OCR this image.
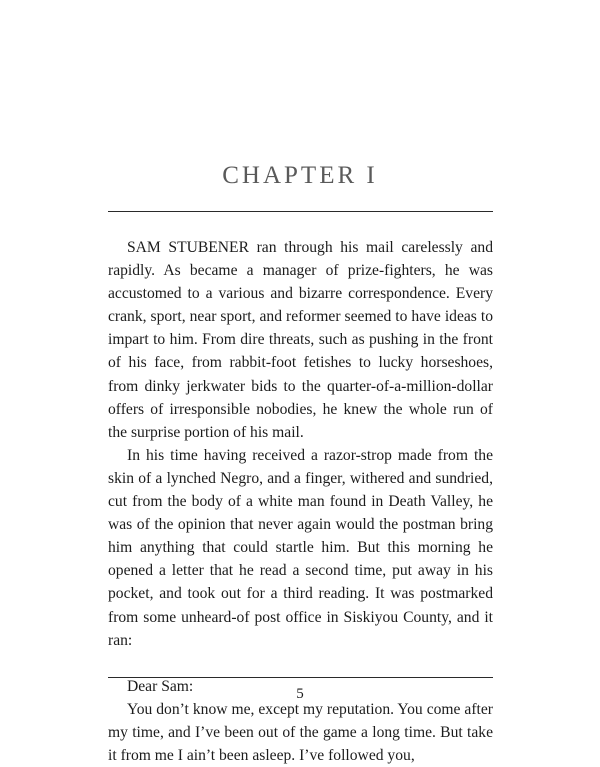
CHAPTER I

SAM STUBENER ran through his mail carelessly and rapidly. As became a manager of prize-fighters, he was accustomed to a various and bizarre correspondence. Every crank, sport, near sport, and reformer seemed to have ideas to impart to him. From dire threats, such as pushing in the front of his face, from rabbit-foot fetishes to lucky horseshoes, from dinky jerkwater bids to the quarter-of-a-million-dollar offers of irresponsible nobodies, he knew the whole run of the surprise portion of his mail.

In his time having received a razor-strop made from the skin of a lynched Negro, and a finger, withered and sundried, cut from the body of a white man found in Death Valley, he was of the opinion that never again would the postman bring him anything that could startle him. But this morning he opened a letter that he read a second time, put away in his pocket, and took out for a third reading. It was postmarked from some unheard-of post office in Siskiyou County, and it ran:

Dear Sam:

You don’t know me, except my reputation. You come after my time, and I’ve been out of the game a long time. But take it from me I ain’t been asleep. I’ve followed you,

5
